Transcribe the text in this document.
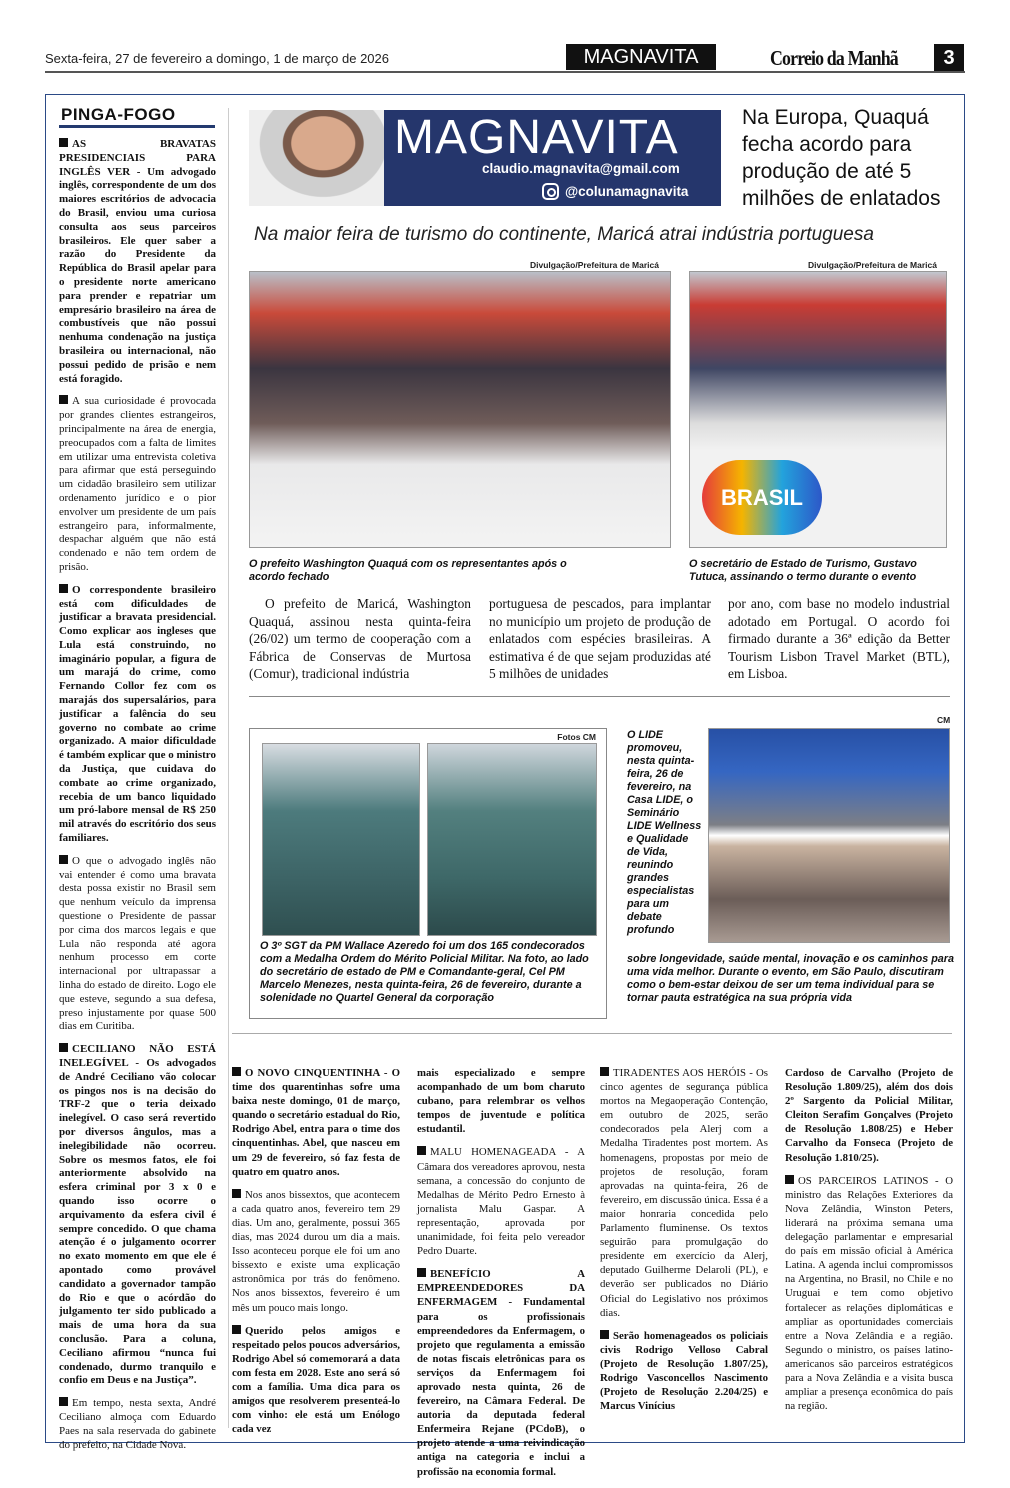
Sexta-feira, 27 de fevereiro a domingo, 1 de março de 2026	MAGNAVITA	Correio da Manhã	3
PINGA-FOGO

AS BRAVATAS PRESIDENCIAIS PARA INGLÊS VER - Um advogado inglês, correspondente de um dos maiores escritórios de advocacia do Brasil, enviou uma curiosa consulta aos seus parceiros brasileiros. Ele quer saber a razão do Presidente da República do Brasil apelar para o presidente norte americano para prender e repatriar um empresário brasileiro na área de combustíveis que não possui nenhuma condenação na justiça brasileira ou internacional, não possui pedido de prisão e nem está foragido.

A sua curiosidade é provocada por grandes clientes estrangeiros, principalmente na área de energia, preocupados com a falta de limites em utilizar uma entrevista coletiva para afirmar que está perseguindo um cidadão brasileiro sem utilizar ordenamento jurídico e o pior envolver um presidente de um país estrangeiro para, informalmente, despachar alguém que não está condenado e não tem ordem de prisão.

O correspondente brasileiro está com dificuldades de justificar a bravata presidencial. Como explicar aos ingleses que Lula está construindo, no imaginário popular, a figura de um marajá do crime, como Fernando Collor fez com os marajás dos supersalários, para justificar a falência do seu governo no combate ao crime organizado. A maior dificuldade é também explicar que o ministro da Justiça, que cuidava do combate ao crime organizado, recebia de um banco liquidado um pró-labore mensal de R$ 250 mil através do escritório dos seus familiares.

O que o advogado inglês não vai entender é como uma bravata desta possa existir no Brasil sem que nenhum veículo da imprensa questione o Presidente de passar por cima dos marcos legais e que Lula não responda até agora nenhum processo em corte internacional por ultrapassar a linha do estado de direito. Logo ele que esteve, segundo a sua defesa, preso injustamente por quase 500 dias em Curitiba.

CECILIANO NÃO ESTÁ INELEGÍVEL - Os advogados de André Ceciliano vão colocar os pingos nos is na decisão do TRF-2 que o teria deixado inelegível. O caso será revertido por diversos ângulos, mas a inelegibilidade não ocorreu. Sobre os mesmos fatos, ele foi anteriormente absolvido na esfera criminal por 3 x 0 e quando isso ocorre o arquivamento da esfera civil é sempre concedido. O que chama atenção é o julgamento ocorrer no exato momento em que ele é apontado como provável candidato a governador tampão do Rio e que o acórdão do julgamento ter sido publicado a mais de uma hora da sua conclusão. Para a coluna, Ceciliano afirmou “nunca fui condenado, durmo tranquilo e confio em Deus e na Justiça”.

Em tempo, nesta sexta, André Ceciliano almoça com Eduardo Paes na sala reservada do gabinete do prefeito, na Cidade Nova.

MAGNAVITA
claudio.magnavita@gmail.com
@colunamagnavita
Na Europa, Quaquá fecha acordo para produção de até 5 milhões de enlatados
Na maior feira de turismo do continente, Maricá atrai indústria portuguesa
Divulgação/Prefeitura de Maricá	Divulgação/Prefeitura de Maricá
BRASIL
O prefeito Washington Quaquá com os representantes após o acordo fechado
O secretário de Estado de Turismo, Gustavo Tutuca, assinando o termo durante o evento
O prefeito de Maricá, Washington Quaquá, assinou nesta quinta-feira (26/02) um termo de cooperação com a Fábrica de Conservas de Murtosa (Comur), tradicional indústria
portuguesa de pescados, para implantar no município um projeto de produção de enlatados com espécies brasileiras. A estimativa é de que sejam produzidas até 5 milhões de unidades
por ano, com base no modelo industrial adotado em Portugal. O acordo foi firmado durante a 36ª edição da Better Tourism Lisbon Travel Market (BTL), em Lisboa.
Fotos CM
O 3º SGT da PM Wallace Azeredo foi um dos 165 condecorados com a Medalha Ordem do Mérito Policial Militar. Na foto, ao lado do secretário de estado de PM e Comandante-geral, Cel PM Marcelo Menezes, nesta quinta-feira, 26 de fevereiro, durante a solenidade no Quartel General da corporação
CM
O LIDE promoveu, nesta quinta-feira, 26 de fevereiro, na Casa LIDE, o Seminário LIDE Wellness e Qualidade de Vida, reunindo grandes especialistas para um debate profundo
sobre longevidade, saúde mental, inovação e os caminhos para uma vida melhor. Durante o evento, em São Paulo, discutiram como o bem-estar deixou de ser um tema individual para se tornar pauta estratégica na sua própria vida

O NOVO CINQUENTINHA - O time dos quarentinhas sofre uma baixa neste domingo, 01 de março, quando o secretário estadual do Rio, Rodrigo Abel, entra para o time dos cinquentinhas. Abel, que nasceu em um 29 de fevereiro, só faz festa de quatro em quatro anos.

Nos anos bissextos, que acontecem a cada quatro anos, fevereiro tem 29 dias. Um ano, geralmente, possui 365 dias, mas 2024 durou um dia a mais. Isso aconteceu porque ele foi um ano bissexto e existe uma explicação astronômica por trás do fenômeno. Nos anos bissextos, fevereiro é um mês um pouco mais longo.

Querido pelos amigos e respeitado pelos poucos adversários, Rodrigo Abel só comemorará a data com festa em 2028. Este ano será só com a família. Uma dica para os amigos que resolverem presenteá-lo com vinho: ele está um Enólogo cada vez

mais especializado e sempre acompanhado de um bom charuto cubano, para relembrar os velhos tempos de juventude e política estudantil.

MALU HOMENAGEADA - A Câmara dos vereadores aprovou, nesta semana, a concessão do conjunto de Medalhas de Mérito Pedro Ernesto à jornalista Malu Gaspar. A representação, aprovada por unanimidade, foi feita pelo vereador Pedro Duarte.

BENEFÍCIO A EMPREENDEDORES DA ENFERMAGEM - Fundamental para os profissionais empreendedores da Enfermagem, o projeto que regulamenta a emissão de notas fiscais eletrônicas para os serviços da Enfermagem foi aprovado nesta quinta, 26 de fevereiro, na Câmara Federal. De autoria da deputada federal Enfermeira Rejane (PCdoB), o projeto atende a uma reivindicação antiga na categoria e inclui a profissão na economia formal.

TIRADENTES AOS HERÓIS - Os cinco agentes de segurança pública mortos na Megaoperação Contenção, em outubro de 2025, serão condecorados pela Alerj com a Medalha Tiradentes post mortem. As homenagens, propostas por meio de projetos de resolução, foram aprovadas na quinta-feira, 26 de fevereiro, em discussão única. Essa é a maior honraria concedida pelo Parlamento fluminense. Os textos seguirão para promulgação do presidente em exercício da Alerj, deputado Guilherme Delaroli (PL), e deverão ser publicados no Diário Oficial do Legislativo nos próximos dias.

Serão homenageados os policiais civis Rodrigo Velloso Cabral (Projeto de Resolução 1.807/25), Rodrigo Vasconcellos Nascimento (Projeto de Resolução 2.204/25) e Marcus Vinícius

Cardoso de Carvalho (Projeto de Resolução 1.809/25), além dos dois 2º Sargento da Policial Militar, Cleiton Serafim Gonçalves (Projeto de Resolução 1.808/25) e Heber Carvalho da Fonseca (Projeto de Resolução 1.810/25).

OS PARCEIROS LATINOS - O ministro das Relações Exteriores da Nova Zelândia, Winston Peters, liderará na próxima semana uma delegação parlamentar e empresarial do país em missão oficial à América Latina. A agenda inclui compromissos na Argentina, no Brasil, no Chile e no Uruguai e tem como objetivo fortalecer as relações diplomáticas e ampliar as oportunidades comerciais entre a Nova Zelândia e a região. Segundo o ministro, os países latino-americanos são parceiros estratégicos para a Nova Zelândia e a visita busca ampliar a presença econômica do país na região.
